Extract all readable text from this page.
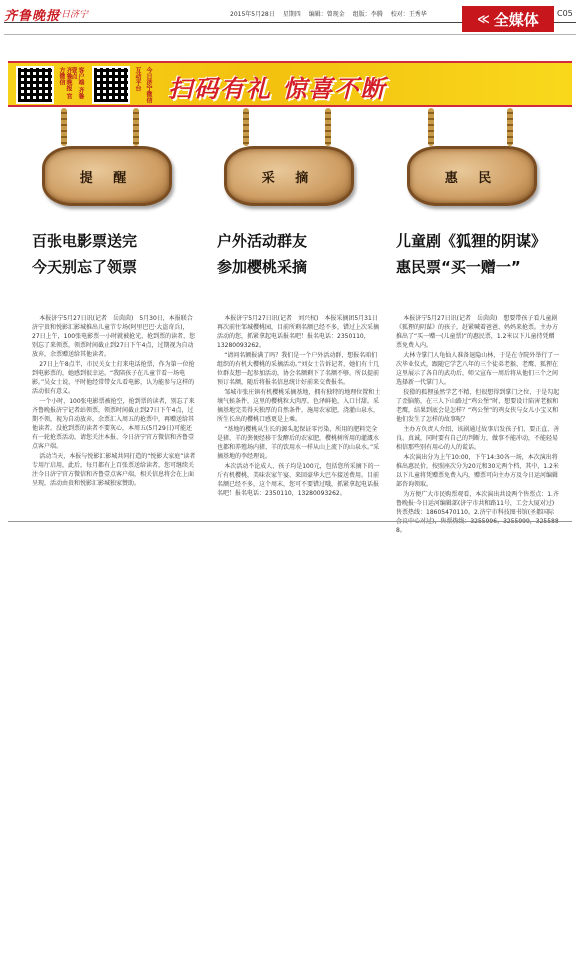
齐鲁晚报
今日济宁	2015年5月28日 星期四 编辑：曾现金 组版：李腾 校对：王秀华	≪ 全媒体 C05
齐鲁晚报 官方微信	客户端 齐鲁壹点	互动平台 今日济宁微信 扫码有礼 惊喜不断
提 醒	采 摘	惠 民
百张电影票送完
今天别忘了领票

本报济宁5月27日讯(记者　岳茵茵)　5月30日，本报联合济宁贵和悦影汇影城推出儿童节专场(阿里巴巴·大盗奇兵)，27日上午，100张电影票一小时就被抢光，抢到票的读者，您别忘了来领票，领票时间截止到27日下午4点，过期视为自动放弃，余票赠送给其他读者。

27日上午8点半，市民关女士打来电话抢票，作为第一位抢到电影票的，她感到很幸运。“我陪孩子在儿童节看一场电影。”吴女士说，平时他经常带女儿看电影，认为能参与这样的活动很有意义。

一个小时，100张电影票被抢空，抢到票的读者，别忘了来齐鲁晚报济宁记者站领票，领票时间截止到27日下午4点，过期不领，视为自动放弃，余票汇入周五的抢票中，再赠送给其他读者。没抢到票的读者不要灰心，本周五(5月29日)可能还有一轮抢票活动，请您关注本报、今日济宁官方微信和齐鲁壹点客户端。

活动当天，本报与悦影汇影城共同打造的“悦影大家庭”读者专用厅启用，此后，每月都有上百张票送给读者，您可继续关注今日济宁官方微信和齐鲁壹点客户端，相关信息将会在上面呈现，活动由贵和悦影汇影城独家赞助。

户外活动群友
参加樱桃采摘

本报济宁5月27日讯(记者　刘兴权)　本报采摘团5月31日再次前往邹城樱桃园，目前所剩名额已经不多，错过上次采摘活动的您，抓紧拿起电话报名吧！报名电话：2350110，13280093262。

“请问名额报满了吗？我们是一个户外活动群，想报名咱们组织的有机大樱桃的采摘活动。”刘女士告诉记者，她们有十几位群友想一起参加活动，协会名额剩下了名额不够，所以提前预订名额，随后将报名信息统计好前来交费报名。

邹城市张庄镇有机樱桃采摘基地，拥有独特的地理位置和土壤气候条件，这里的樱桃粒大肉厚，色泽鲜艳，入口甘甜。采摘基地完美得天独厚的自然条件，施用农家肥，浇灌山泉水，所生长出的樱桃口感更是上乘。

“基地的樱桃从生长的源头起保证零污染，所用的肥料完全是猪、羊的粪便经移干发酵后的农家肥，樱桃树所用的灌溉水也都和养殖场内猪、羊的饮用水一样从山上流下的山泉水。”采摘基地的李经理说。

本次活动不论成人、孩子均是100元，包括您所采摘下的一斤有机樱桃，美味农家午宴、来回豪华大巴车接送费用。目前名额已经不多，这个周末，您可不要错过哦，抓紧拿起电话报名吧！报名电话：2350110，13280093262。

儿童剧《狐狸的阴谋》
惠民票“买一赠一”

本报济宁5月27日讯(记者　岳茵茵)　想要带孩子看儿童剧《狐狸的阴谋》的孩子，赶紧喊着爸爸、妈妈来抢票。主办方推出了“买一赠一(儿童票)”的惠民票，1.2米以下儿童持凭赠票免费入内。

大林寺掌门人龟仙人准备退隐山林，于是在寺院外举行了一次毕业仪式，跟随它学艺八年的三个徒弟老猴、老鹰、狐狸在这里展示了各自的武功后，师父宣布一周后将从他们三个之间选择新一代掌门人。

狡猾的狐狸虽然学艺不精，但很想得到掌门之位，于是勾起了歪脑筋，在三人下山路过“鸡公堡”时，想要设计陷害老猴和老鹰，结果到底会是怎样？“鸡公堡”的鸡女侠与女儿小宝又和他们发生了怎样的故事呢？

主办方负责人介绍，该剧通过故事启发孩子们，要正直、善良、真诚，同时要有自己的判断力，做事不能冲动，不能轻易相信那些别有用心的人的谎话。

本次演出分为上午10:00，下午14:30各一场，本次演出将推出惠民价，按照座次分为20元和30元两个档，其中，1.2米以下儿童将凭赠票免费入内，赠票可向主办方及今日运河编辑部咨询领取。

为方便广大市民购票观看，本次演出共设两个售票点：1.齐鲁晚报·今日运河编辑部(济宁市共和路11号，工会大厦对过)售票热线：18605470110。2.济宁市科技图书馆(圣都国际会议中心对过)，售票热线：3255996，3255999，3255888。
